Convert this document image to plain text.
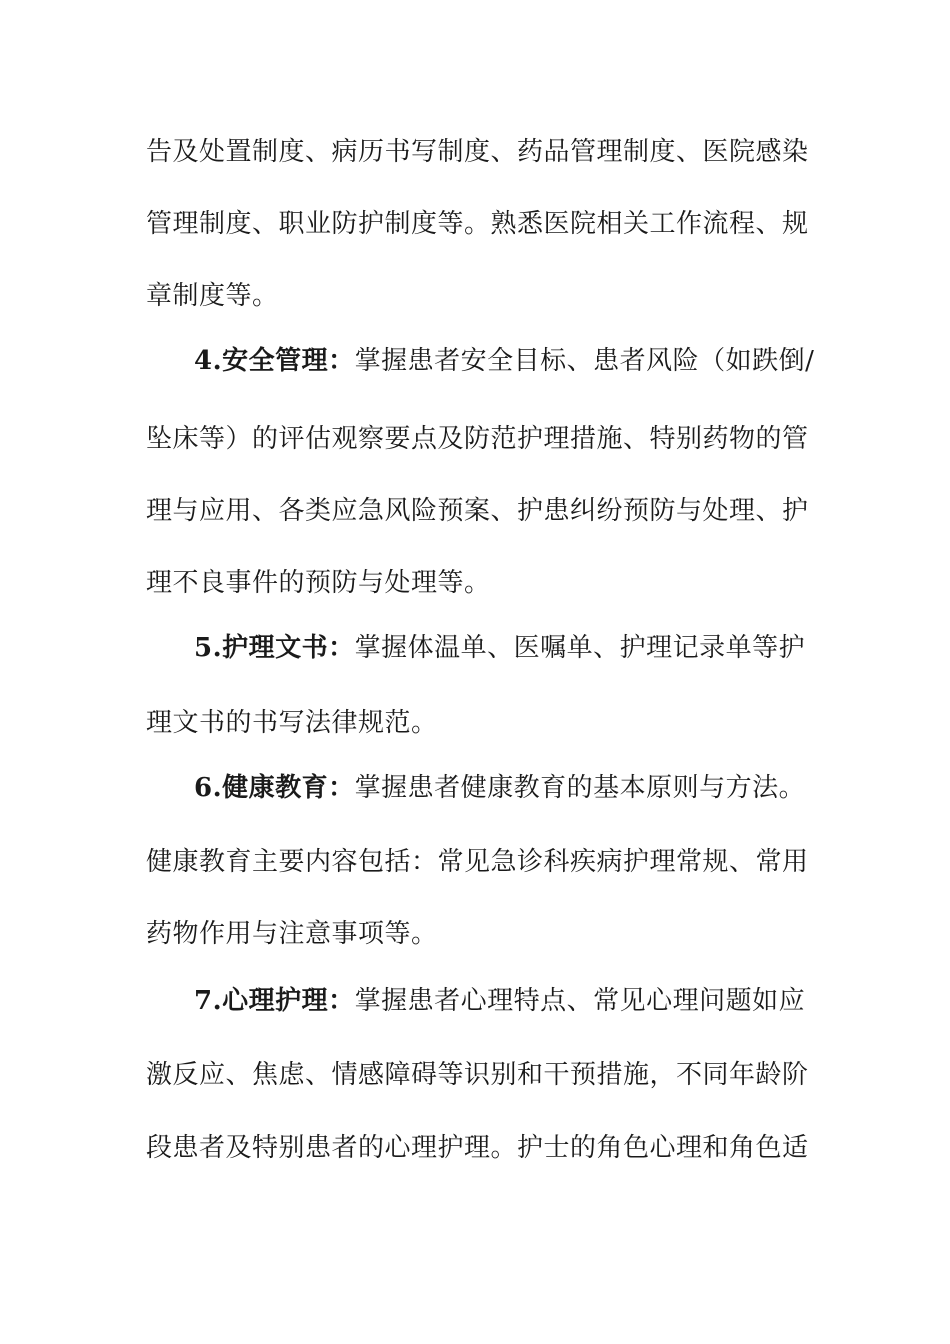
告及处置制度、病历书写制度、药品管理制度、医院感染
管理制度、职业防护制度等。熟悉医院相关工作流程、规
章制度等。
4.安全管理：掌握患者安全目标、患者风险（如跌倒/
坠床等）的评估观察要点及防范护理措施、特别药物的管
理与应用、各类应急风险预案、护患纠纷预防与处理、护
理不良事件的预防与处理等。
5.护理文书：掌握体温单、医嘱单、护理记录单等护
理文书的书写法律规范。
6.健康教育：掌握患者健康教育的基本原则与方法。
健康教育主要内容包括：常见急诊科疾病护理常规、常用
药物作用与注意事项等。
7.心理护理：掌握患者心理特点、常见心理问题如应
激反应、焦虑、情感障碍等识别和干预措施，不同年龄阶
段患者及特别患者的心理护理。护士的角色心理和角色适
